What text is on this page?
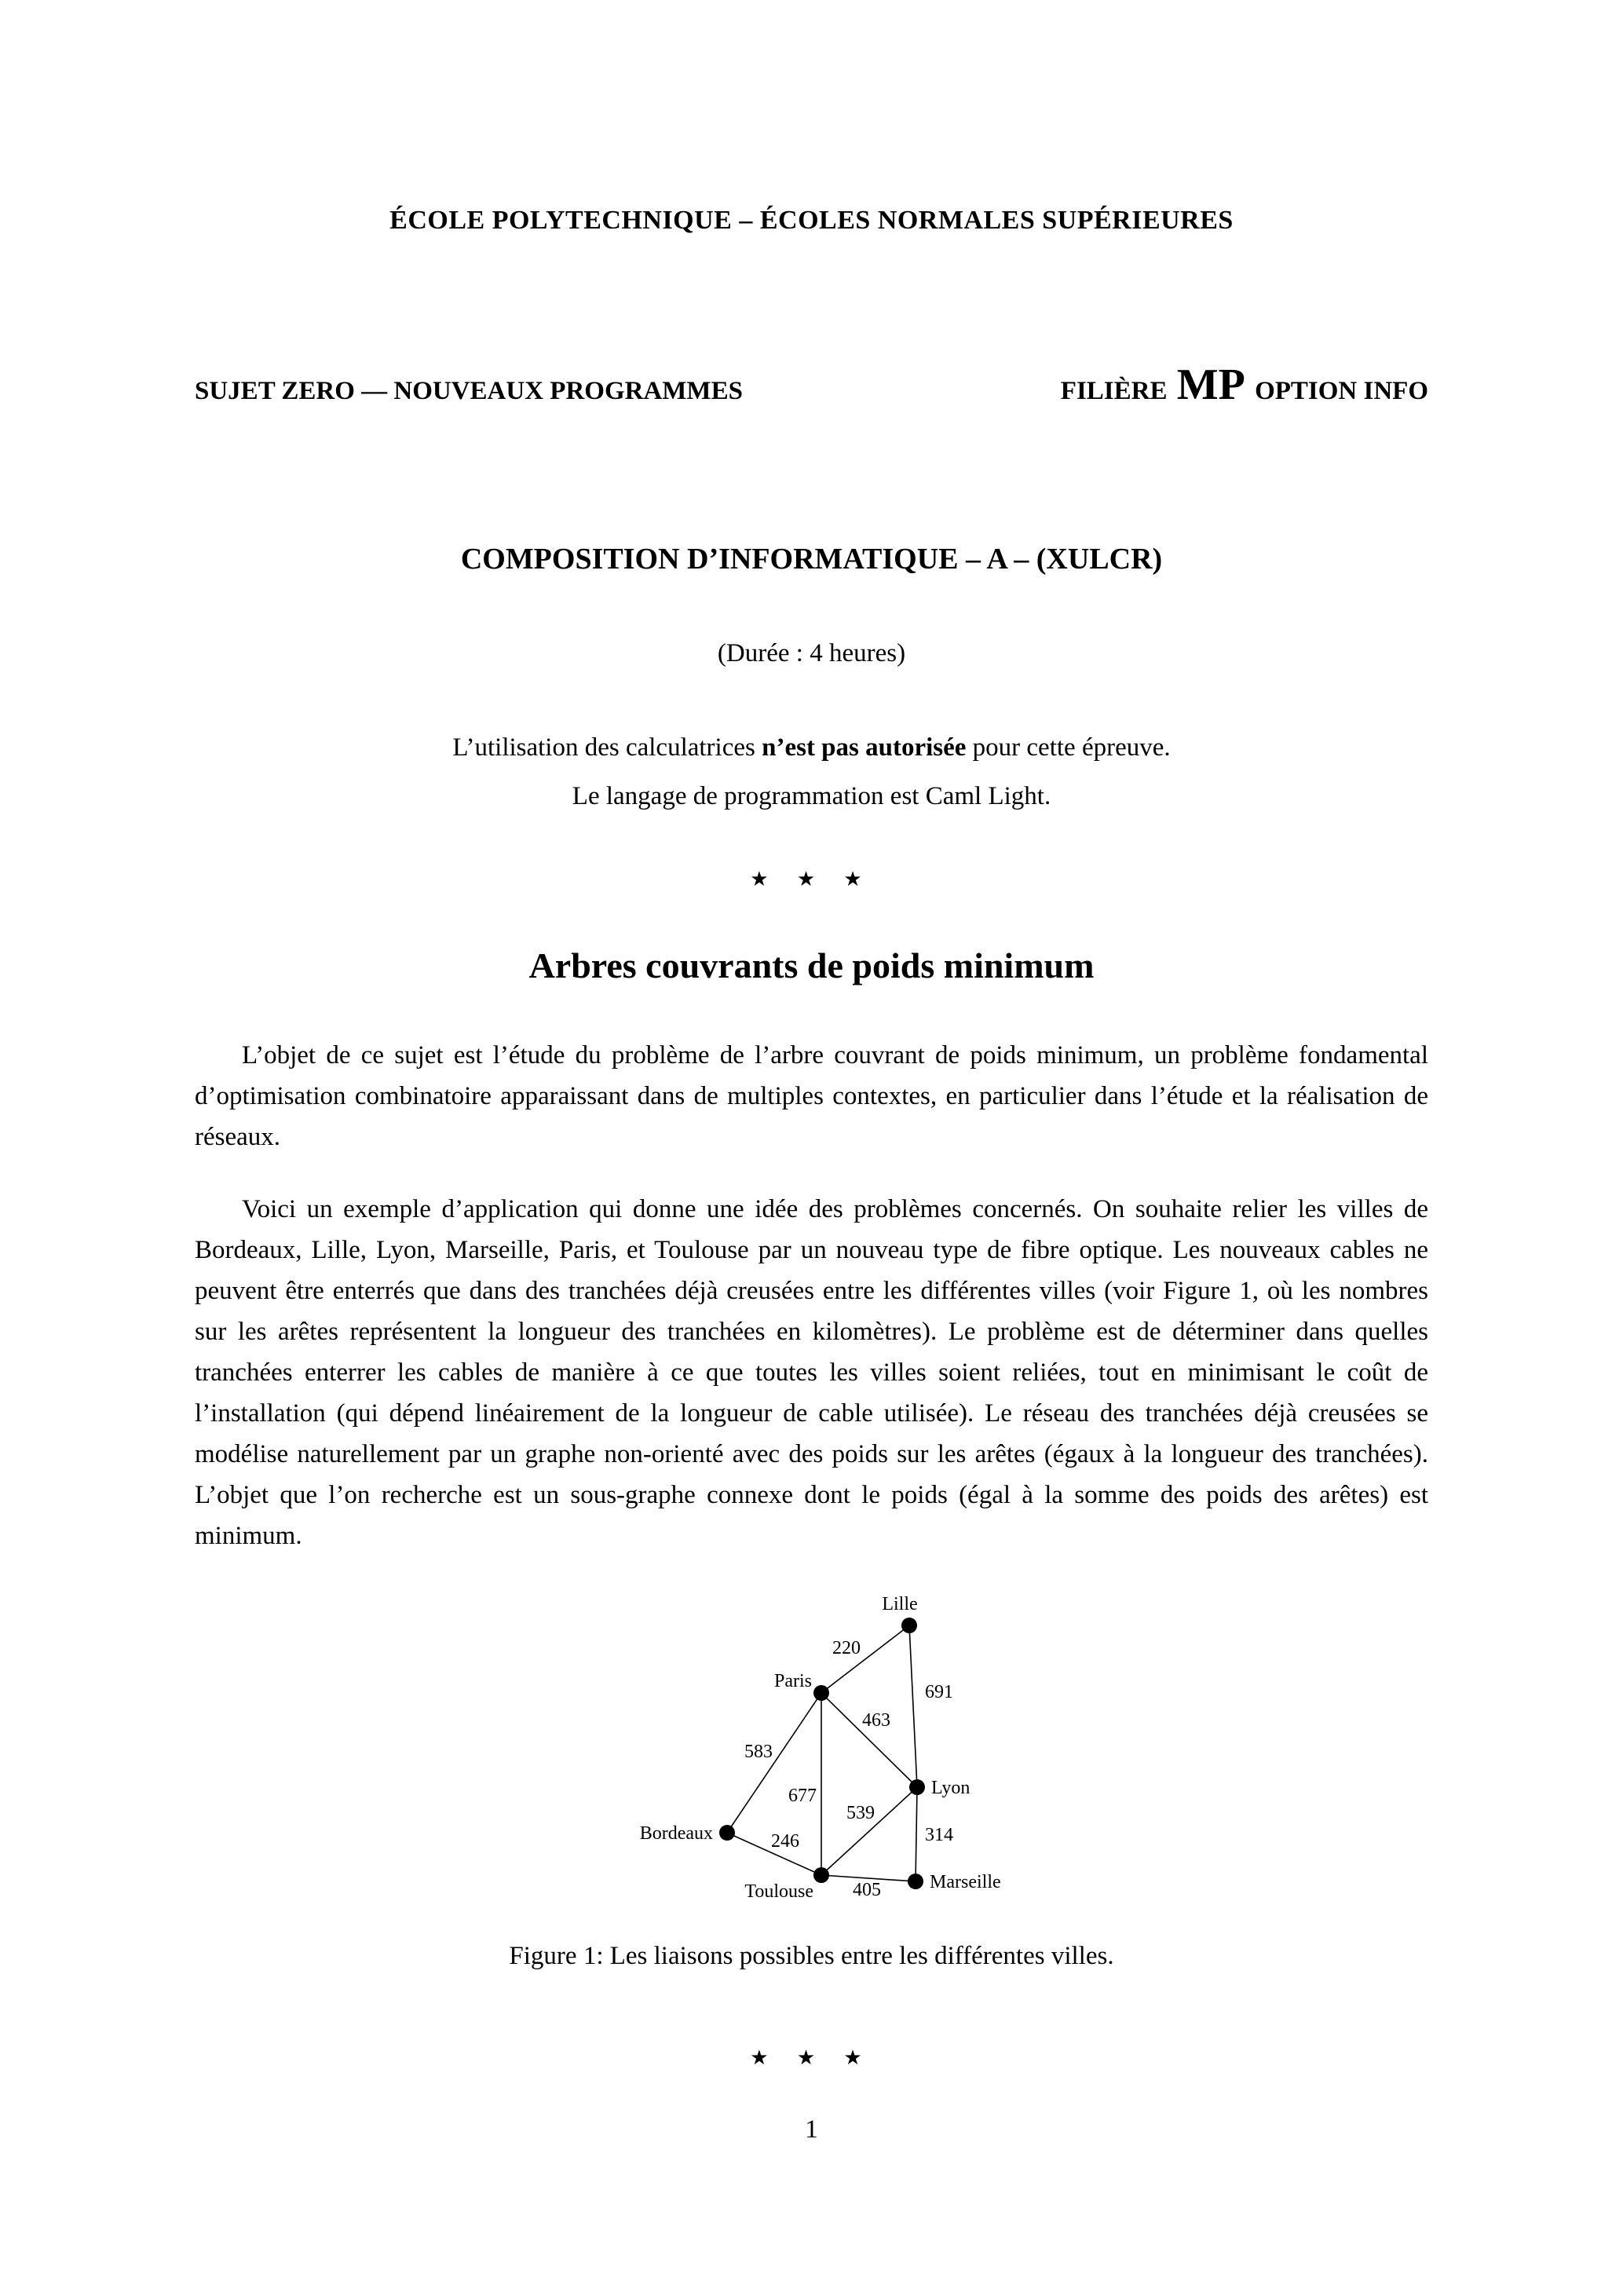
ÉCOLE POLYTECHNIQUE – ÉCOLES NORMALES SUPÉRIEURES
SUJET ZERO — NOUVEAUX PROGRAMMES	FILIÈRE MP OPTION INFO
COMPOSITION D’INFORMATIQUE – A – (XULCR)
(Durée : 4 heures)
L’utilisation des calculatrices n’est pas autorisée pour cette épreuve.
Le langage de programmation est Caml Light.
★ ★ ★
Arbres couvrants de poids minimum

L’objet de ce sujet est l’étude du problème de l’arbre couvrant de poids minimum, un problème fondamental d’optimisation combinatoire apparaissant dans de multiples contextes, en particulier dans l’étude et la réalisation de réseaux.

Voici un exemple d’application qui donne une idée des problèmes concernés. On souhaite relier les villes de Bordeaux, Lille, Lyon, Marseille, Paris, et Toulouse par un nouveau type de fibre optique. Les nouveaux cables ne peuvent être enterrés que dans des tranchées déjà creusées entre les différentes villes (voir Figure 1, où les nombres sur les arêtes représentent la longueur des tranchées en kilomètres). Le problème est de déterminer dans quelles tranchées enterrer les cables de manière à ce que toutes les villes soient reliées, tout en minimisant le coût de l’installation (qui dépend linéairement de la longueur de cable utilisée). Le réseau des tranchées déjà creusées se modélise naturellement par un graphe non-orienté avec des poids sur les arêtes (égaux à la longueur des tranchées). L’objet que l’on recherche est un sous-graphe connexe dont le poids (égal à la somme des poids des arêtes) est minimum.

Lille
Paris
Lyon
Bordeaux
Toulouse	Marseille
220
691
463
583
677
539
314
246
405
Figure 1: Les liaisons possibles entre les différentes villes.
★ ★ ★
1
